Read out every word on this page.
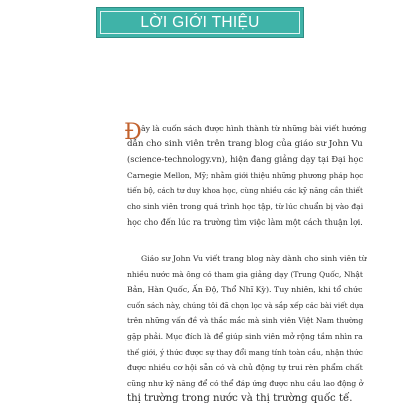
LỜI GIỚI THIỆU
Đ ây là cuốn sách được hình thành từ những bài viết hướng
dẫn cho sinh viên trên trang blog của giáo sư John Vu
(science-technology.vn), hiện đang giảng dạy tại Đại học
Carnegie Mellon, Mỹ; nhằm giới thiệu những phương pháp học
tiến bộ, cách tư duy khoa học, cùng nhiều các kỹ năng cần thiết
cho sinh viên trong quá trình học tập, từ lúc chuẩn bị vào đại
học cho đến lúc ra trường tìm việc làm một cách thuận lợi.
Giáo sư John Vu viết trang blog này dành cho sinh viên từ
nhiều nước mà ông có tham gia giảng dạy (Trung Quốc, Nhật
Bản, Hàn Quốc, Ấn Độ, Thổ Nhĩ Kỳ). Tuy nhiên, khi tổ chức
cuốn sách này, chúng tôi đã chọn lọc và sắp xếp các bài viết dựa
trên những vấn đề và thắc mắc mà sinh viên Việt Nam thường
gặp phải. Mục đích là để giúp sinh viên mở rộng tầm nhìn ra
thế giới, ý thức được sự thay đổi mang tính toàn cầu, nhận thức
được nhiều cơ hội sẵn có và chủ động tự trui rèn phẩm chất
cũng như kỹ năng để có thể đáp ứng được nhu cầu lao động ở
thị trường trong nước và thị trường quốc tế.
